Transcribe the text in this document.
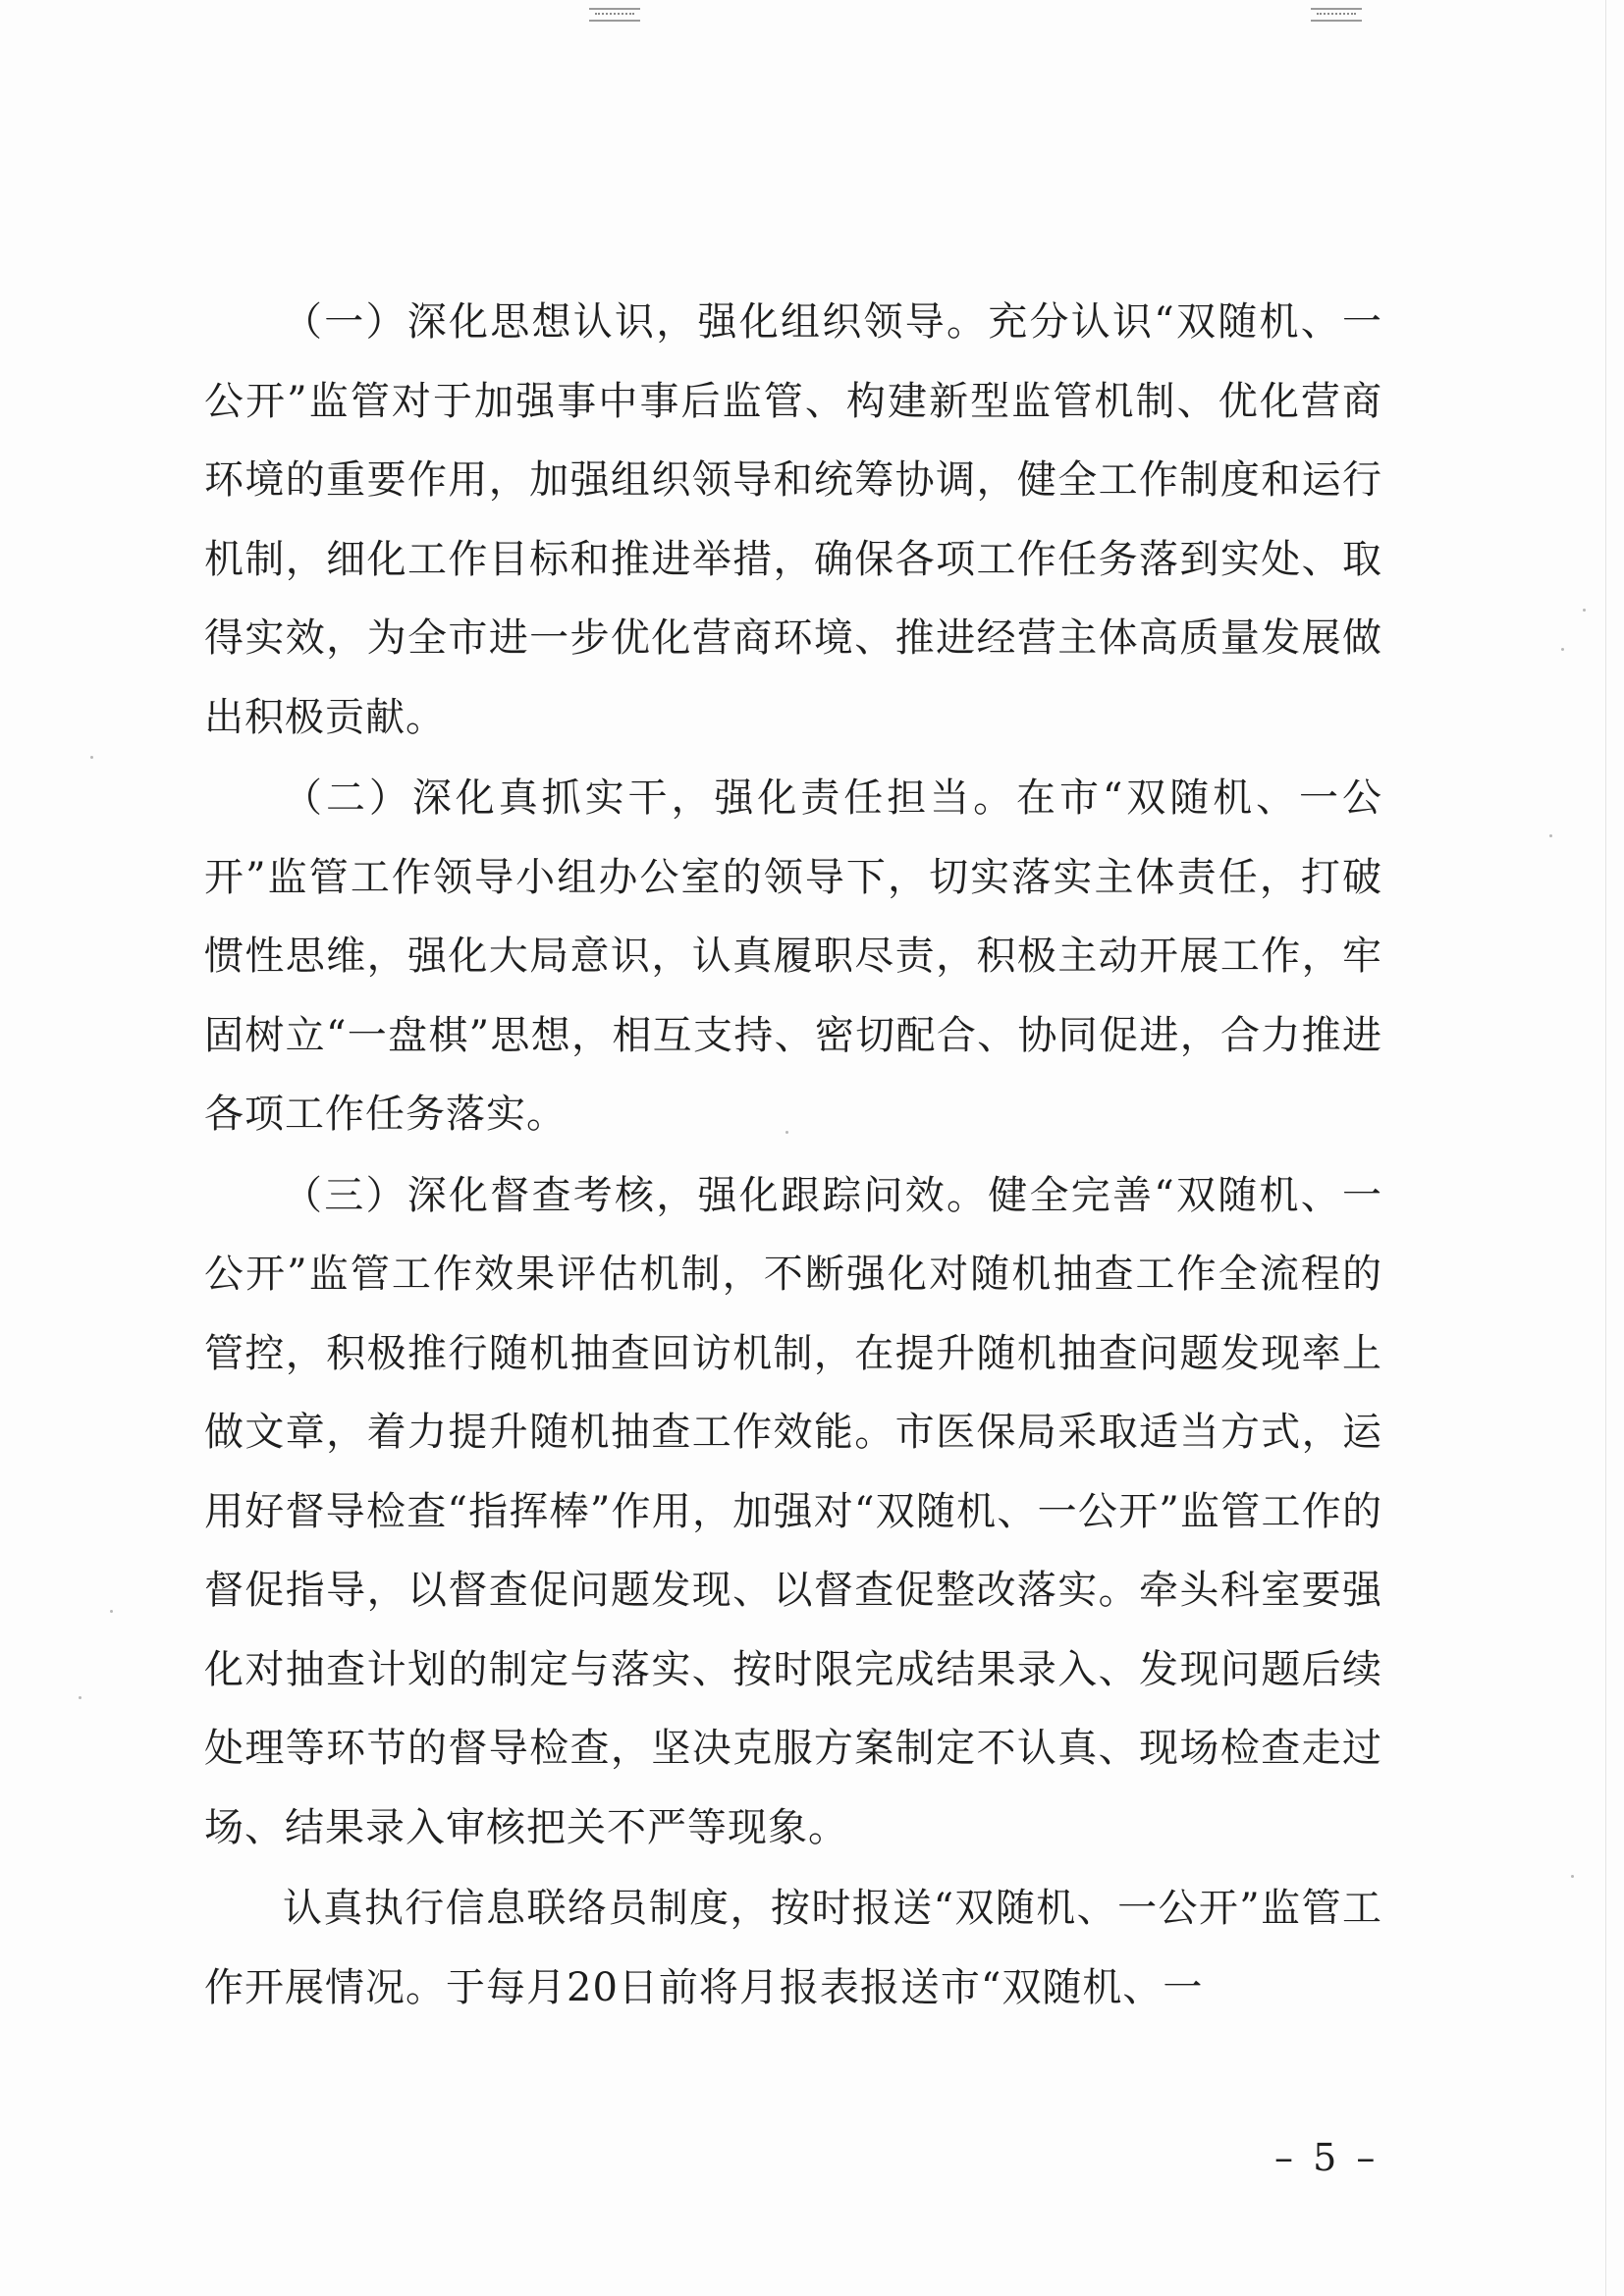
（一）深化思想认识，强化组织领导。充分认识“双随机、一公开”监管对于加强事中事后监管、构建新型监管机制、优化营商环境的重要作用，加强组织领导和统筹协调，健全工作制度和运行机制，细化工作目标和推进举措，确保各项工作任务落到实处、取得实效，为全市进一步优化营商环境、推进经营主体高质量发展做出积极贡献。

（二）深化真抓实干，强化责任担当。在市“双随机、一公开”监管工作领导小组办公室的领导下，切实落实主体责任，打破惯性思维，强化大局意识，认真履职尽责，积极主动开展工作，牢固树立“一盘棋”思想，相互支持、密切配合、协同促进，合力推进各项工作任务落实。

（三）深化督查考核，强化跟踪问效。健全完善“双随机、一公开”监管工作效果评估机制，不断强化对随机抽查工作全流程的管控，积极推行随机抽查回访机制，在提升随机抽查问题发现率上做文章，着力提升随机抽查工作效能。市医保局采取适当方式，运用好督导检查“指挥棒”作用，加强对“双随机、一公开”监管工作的督促指导，以督查促问题发现、以督查促整改落实。牵头科室要强化对抽查计划的制定与落实、按时限完成结果录入、发现问题后续处理等环节的督导检查，坚决克服方案制定不认真、现场检查走过场、结果录入审核把关不严等现象。

认真执行信息联络员制度，按时报送“双随机、一公开”监管工作开展情况。于每月20日前将月报表报送市“双随机、一

– 5 –
